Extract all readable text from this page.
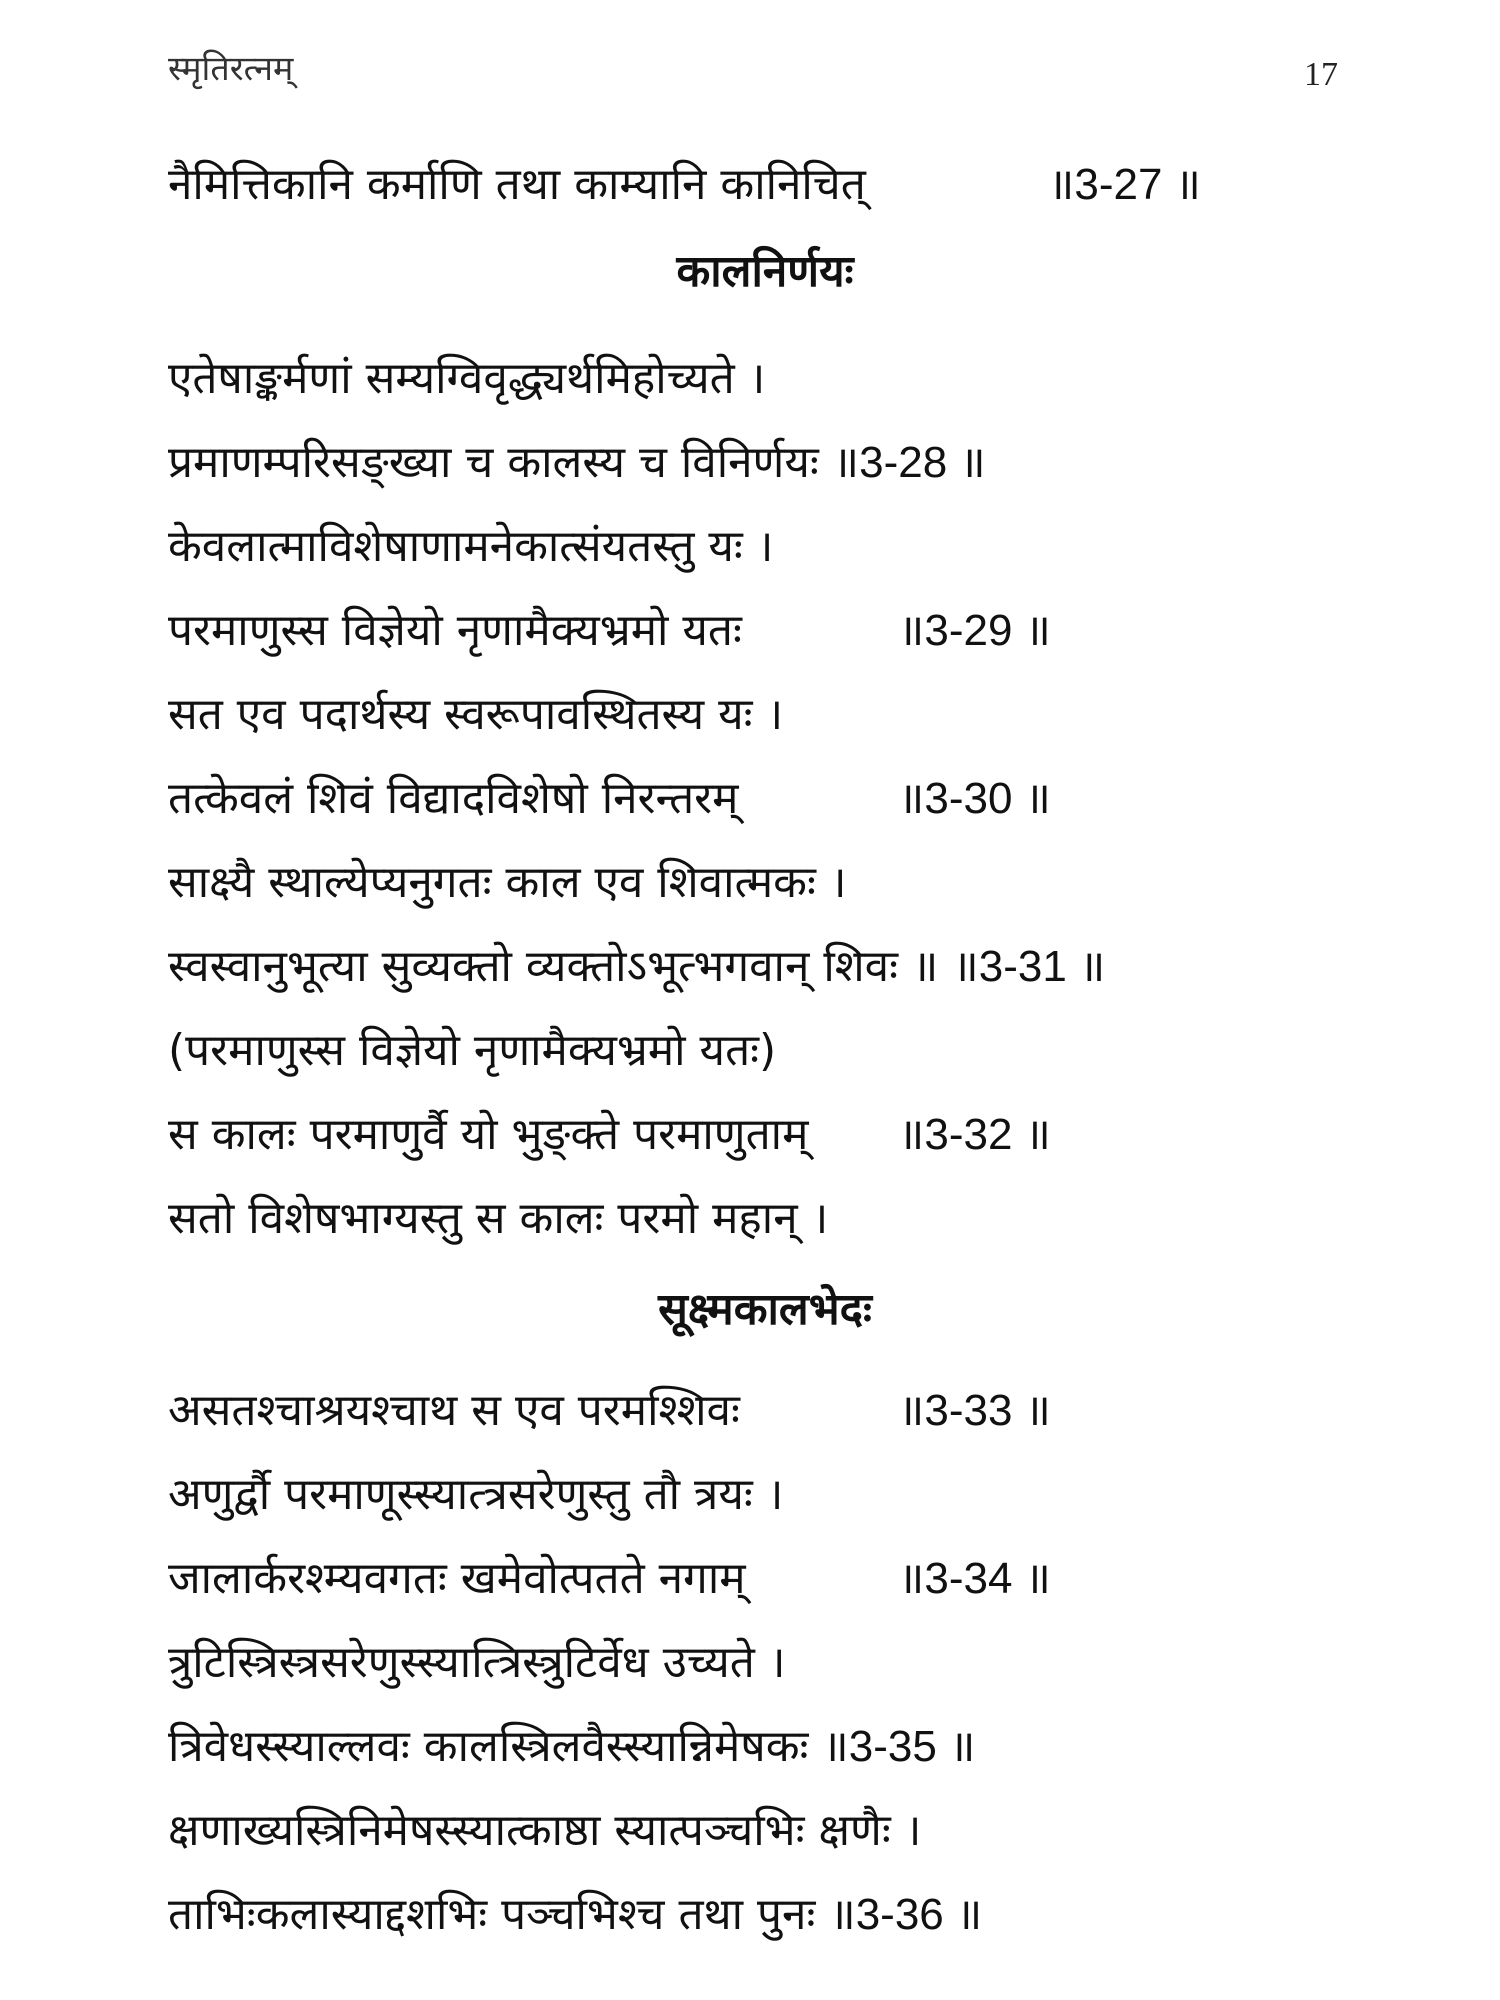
स्मृतिरत्नम्	17
नैमित्तिकानि कर्माणि तथा काम्यानि कानिचित्	॥3-27 ॥
कालनिर्णयः
एतेषाङ्कर्मणां सम्यग्विवृद्ध्यर्थमिहोच्यते ।
प्रमाणम्परिसङ्ख्या च कालस्य च विनिर्णयः ॥3-28 ॥
केवलात्माविशेषाणामनेकात्संयतस्तु यः ।
परमाणुस्स विज्ञेयो नृणामैक्यभ्रमो यतः	॥3-29 ॥
सत एव पदार्थस्य स्वरूपावस्थितस्य यः ।
तत्केवलं शिवं विद्यादविशेषो निरन्तरम्	॥3-30 ॥
साक्ष्यै स्थाल्येप्यनुगतः काल एव शिवात्मकः ।
स्वस्वानुभूत्या सुव्यक्तो व्यक्तोऽभूत्भगवान् शिवः ॥ ॥3-31 ॥
(परमाणुस्स विज्ञेयो नृणामैक्यभ्रमो यतः)
स कालः परमाणुर्वै यो भुङ्क्ते परमाणुताम् ॥3-32 ॥
सतो विशेषभाग्यस्तु स कालः परमो महान् ।
सूक्ष्मकालभेदः
असतश्चाश्रयश्चाथ स एव परमश्शिवः	॥3-33 ॥
अणुर्द्वौ परमाणूस्स्यात्त्रसरेणुस्तु तौ त्रयः ।
जालार्करश्म्यवगतः खमेवोत्पतते नगाम्	॥3-34 ॥
त्रुटिस्त्रिस्त्रसरेणुस्स्यात्त्रिस्त्रुटिर्वेध उच्यते ।
त्रिवेधस्स्याल्लवः कालस्त्रिलवैस्स्यान्निमेषकः ॥3-35 ॥
क्षणाख्यस्त्रिनिमेषस्स्यात्काष्ठा स्यात्पञ्चभिः क्षणैः ।
ताभिःकलास्याद्दशभिः पञ्चभिश्च तथा पुनः ॥3-36 ॥
